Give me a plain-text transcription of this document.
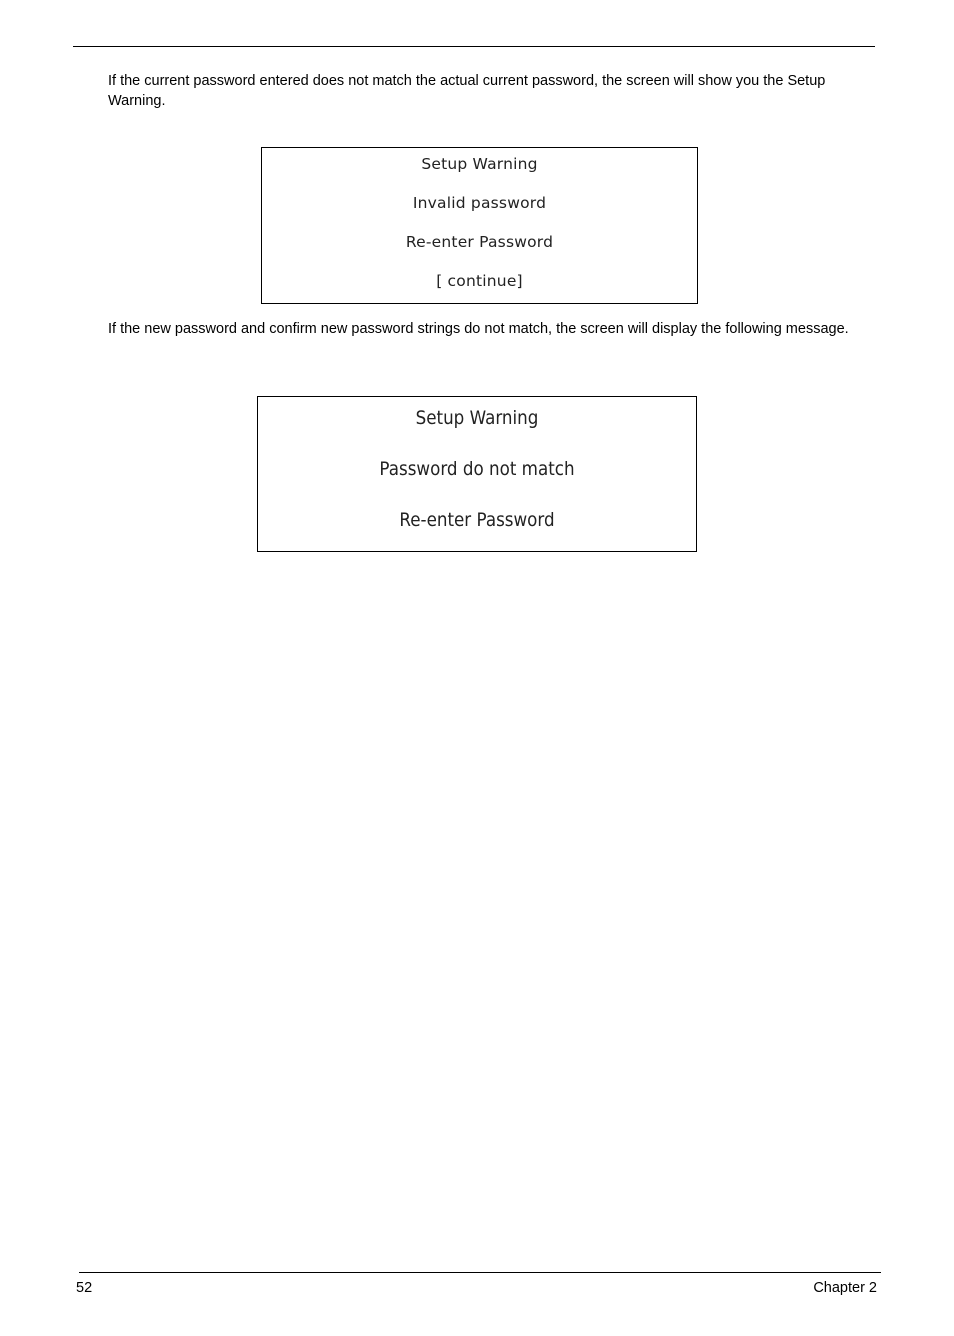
If the current password entered does not match the actual current password, the screen will show you the Setup Warning.

Setup Warning
Invalid password
Re-enter Password
[ continue]

If the new password and confirm new password strings do not match, the screen will display the following message.

Setup Warning
Password do not match
Re-enter Password
52	Chapter 2
